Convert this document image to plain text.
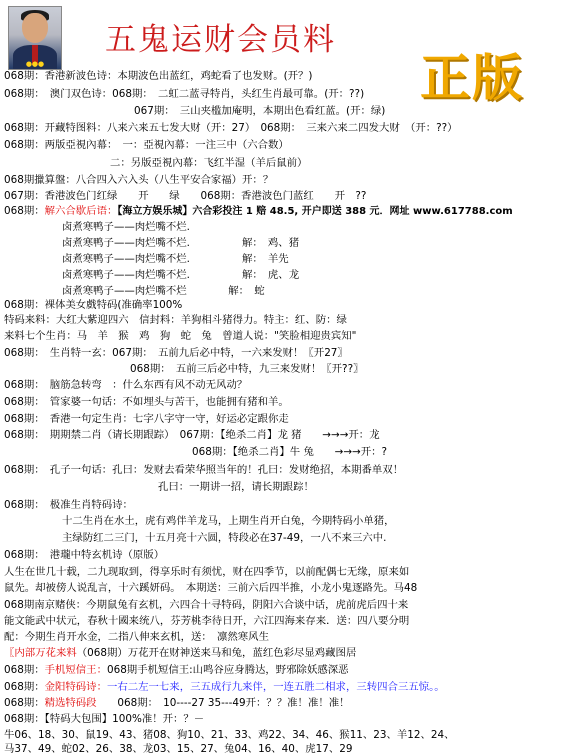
●●●
五鬼运财会员料
正版
068期：香港新波色诗：本期波色出蓝红，鸡蛇看了也发财。(开？)
068期：　澳门双色诗：068期：　二虹二蓝寻特肖，头红生肖最可靠。(开：??)
067期：　三山夹槛加庵明，本期出色看红蓝。(开：绿)
068期：开藏特图料：八来六来五七发大财（开：27）　068期：　三来六来二四发大财　（开：??）
068期：两版亞視內幕：　一：亞視內幕：一注三中（六合数）
二：另版亞視內幕：飞红半湿（羊后鼠前）
068期擸算盤：八合四入六入头（八生平安合家福）开：？
067期：香港波色门红绿　　开　　绿　　068期：香港波色门蓝红　　开　??
068期：解六合歇后语：【海立方娱乐城】六合彩投注 1 赔 48.5, 开户即送 388 元．网址 www.617788.com
卤煮寒鸭子——肉烂嘴不烂.
卤煮寒鸭子——肉烂嘴不烂.　　　　　解：　鸡、猪
卤煮寒鸭子——肉烂嘴不烂.　　　　　解：　羊先
卤煮寒鸭子——肉烂嘴不烂.　　　　　解：　虎、龙
卤煮寒鸭子——肉烂嘴不烂　　　　解：　蛇
068期：裸体美女戲特码(准确率100%
特码来料：大红大紫迎四六　信封料：羊狗相斗猪得力。特主：红、防：绿
来料七个生肖：马　羊　猴　鸡　狗　蛇　兔　曾道人说："笑脸相迎贵宾知"
068期：　生肖特一玄：067期：　五前九后必中特，一六来发财！〖开27〗
068期：　五前三后必中特，九三来发财！〖开??〗
068期：　脑筋急转弯　：什么东西有风不动无风动？
068期：　管家婆一句话：不如埋头与苦干，也能拥有猪和羊。
068期：　香港一句定生肖：七字八字守一守，好运必定跟你走
068期：　期期禁二肖（请长期跟踪）　067期：【绝杀二肖】龙 猪　　→→→开：龙
068期：【绝杀二肖】牛 兔　　→→→开：?
068期：　孔子一句话：孔曰：发财去看荣华照当年的！孔曰：发财绝招，本期番单双！
孔曰：一期讲一招，请长期跟踪！
068期：　极准生肖特码诗：
十二生肖在水土，虎有鸡伴羊龙马，上期生肖开白兔，今期特码小单猪，
主绿防红二三门，十五月亮十六圆，特段必在37-49，一八不来三六中.
068期：　港瓏中特玄机诗（原版）
人生在世几十载，二九现取到，得享乐时有须忧，财在四季节，以前配偶七无缘，原来如
鼠先。却被傍人说乱言，十六蹊妍码。　本期送：三前六后四半推，小龙小鬼逐路先。马48
068期南京赌侠：今期鼠兔有玄机，六四合十寻特码，阴阳六合谈中话，虎前虎后四十来
能文能武中状元，春秋十國来统八，芬芳桃李待日开，六江四海来存来．送：四八要分明
配：今期生肖开水金，二指八伸来玄机，送：　凛然寒风生
〖内部万花来料（068期）万花开在财神送来马和兔，蓝红色彩尽显鸡藏图居
068期：手机短信王：068期手机短信王:山鸣谷应身腾达，野邪除妖感深恶
068期：金阳特码诗：一右二左一七来，三五成行九来伴，一连五胜二相求，三转四合三五惊。。
068期：精选特码段　　068期：　10----27 35---49开：？？准！准！准！
068期：【特码大包围】100%准！开：？－
牛06、18、30、鼠19、43、猪08、狗10、21、33、鸡22、34、46、猴11、23、羊12、24、
马37、49、蛇02、26、38、龙03、15、27、兔04、16、40、虎17、29
